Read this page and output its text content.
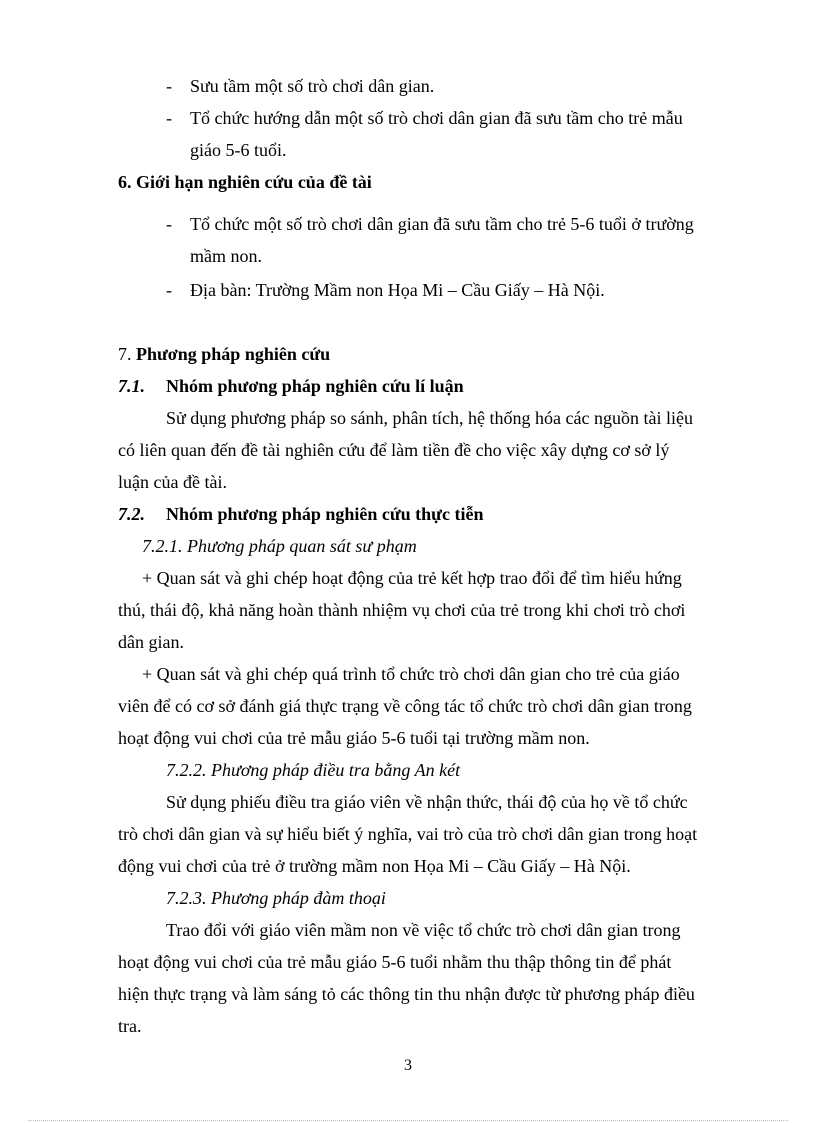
- Sưu tầm một số trò chơi dân gian.
- Tổ chức hướng dẫn một số trò chơi dân gian đã sưu tầm cho trẻ mẫu
giáo 5-6 tuổi.
6. Giới hạn nghiên cứu của đề tài
- Tổ chức một số trò chơi dân gian đã sưu tầm cho trẻ 5-6 tuổi ở trường
mầm non.
- Địa bàn: Trường Mầm non Họa Mi – Cầu Giấy – Hà Nội.
7. Phương pháp nghiên cứu
7.1. Nhóm phương pháp nghiên cứu lí luận
Sử dụng phương pháp so sánh, phân tích, hệ thống hóa các nguồn tài liệu
có liên quan đến đề tài nghiên cứu để làm tiền đề cho việc xây dựng cơ sở lý
luận của đề tài.
7.2. Nhóm phương pháp nghiên cứu thực tiễn
7.2.1. Phương pháp quan sát sư phạm
+ Quan sát và ghi chép hoạt động của trẻ kết hợp trao đổi để tìm hiểu hứng
thú, thái độ, khả năng hoàn thành nhiệm vụ chơi của trẻ trong khi chơi trò chơi
dân gian.
+ Quan sát và ghi chép quá trình tổ chức trò chơi dân gian cho trẻ của giáo
viên để có cơ sở đánh giá thực trạng về công tác tổ chức trò chơi dân gian trong
hoạt động vui chơi của trẻ mẫu giáo 5-6 tuổi tại trường mầm non.
7.2.2. Phương pháp điều tra bằng An két
Sử dụng phiếu điều tra giáo viên về nhận thức, thái độ của họ về tổ chức
trò chơi dân gian và sự hiểu biết ý nghĩa, vai trò của trò chơi dân gian trong hoạt
động vui chơi của trẻ ở trường mầm non Họa Mi – Cầu Giấy – Hà Nội.
7.2.3. Phương pháp đàm thoại
Trao đổi với giáo viên mầm non về việc tổ chức trò chơi dân gian trong
hoạt động vui chơi của trẻ mẫu giáo 5-6 tuổi nhằm thu thập thông tin để phát
hiện thực trạng và làm sáng tỏ các thông tin thu nhận được từ phương pháp điều
tra.
3
